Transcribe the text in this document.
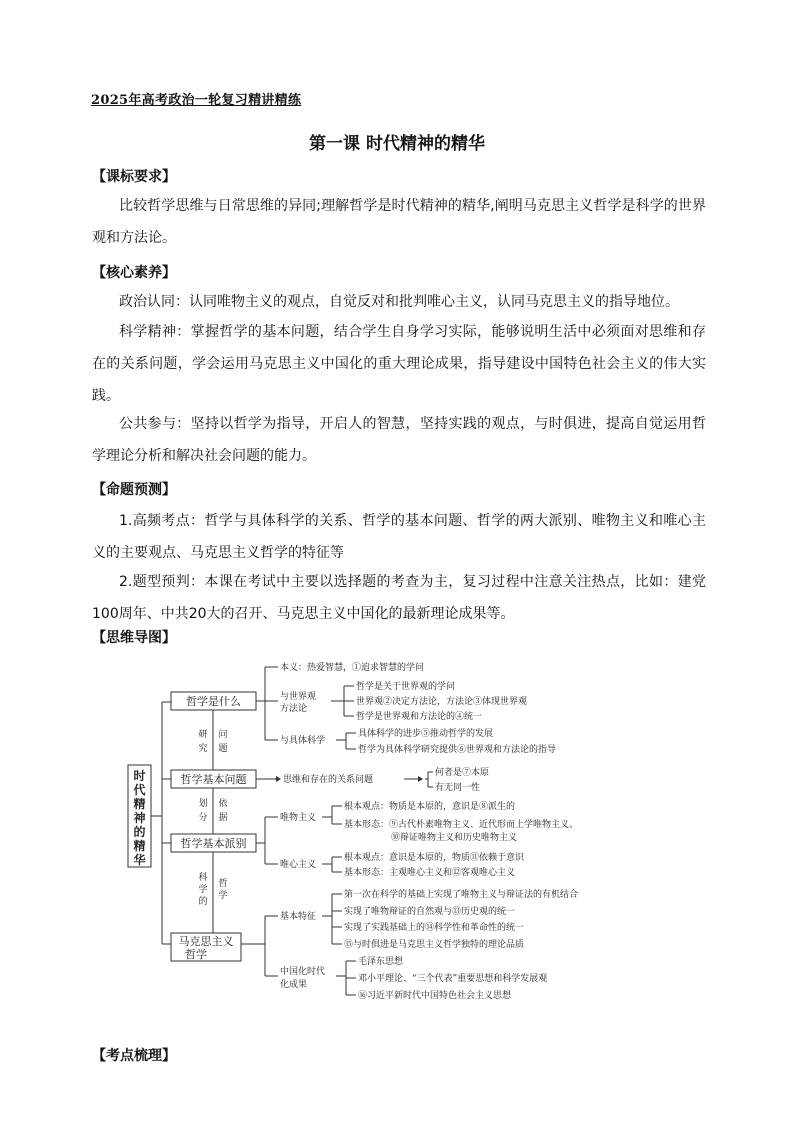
2025年高考政治一轮复习精讲精练
第一课 时代精神的精华
【课标要求】
比较哲学思维与日常思维的异同;理解哲学是时代精神的精华,阐明马克思主义哲学是科学的世界观和方法论。
【核心素养】
政治认同：认同唯物主义的观点，自觉反对和批判唯心主义，认同马克思主义的指导地位。
科学精神：掌握哲学的基本问题，结合学生自身学习实际，能够说明生活中必须面对思维和存在的关系问题，学会运用马克思主义中国化的重大理论成果，指导建设中国特色社会主义的伟大实践。
公共参与：坚持以哲学为指导，开启人的智慧，坚持实践的观点，与时俱进，提高自觉运用哲学理论分析和解决社会问题的能力。
【命题预测】
1.高频考点：哲学与具体科学的关系、哲学的基本问题、哲学的两大派别、唯物主义和唯心主义的主要观点、马克思主义哲学的特征等
2.题型预判：本课在考试中主要以选择题的考查为主，复习过程中注意关注热点，比如：建党100周年、中共20大的召开、马克思主义中国化的最新理论成果等。
【思维导图】
时
代
精
神
的
精
华
哲学是什么
哲学基本问题
哲学基本派别
马克思主义
哲学
研
究
问
题
划
分
依
据
科
学
的
哲
学
本义：热爱智慧，①追求智慧的学问
与世界观
方法论
哲学是关于世界观的学问
世界观②决定方法论，方法论③体现世界观
哲学是世界观和方法论的④统一
与具体科学
具体科学的进步⑤推动哲学的发展
哲学为具体科学研究提供⑥世界观和方法论的指导
思维和存在的关系问题
何者是⑦本原
有无同一性
唯物主义
根本观点：物质是本原的，意识是⑧派生的
基本形态：⑨古代朴素唯物主义、近代形而上学唯物主义、
⑩辩证唯物主义和历史唯物主义
唯心主义
根本观点：意识是本原的，物质⑪依赖于意识
基本形态：主观唯心主义和⑫客观唯心主义
基本特征
第一次在科学的基础上实现了唯物主义与辩证法的有机结合
实现了唯物辩证的自然观与⑬历史观的统一
实现了实践基础上的⑭科学性和革命性的统一
⑮与时俱进是马克思主义哲学独特的理论品质
中国化时代
化成果
毛泽东思想
邓小平理论、“三个代表”重要思想和科学发展观
⑯习近平新时代中国特色社会主义思想
【考点梳理】
